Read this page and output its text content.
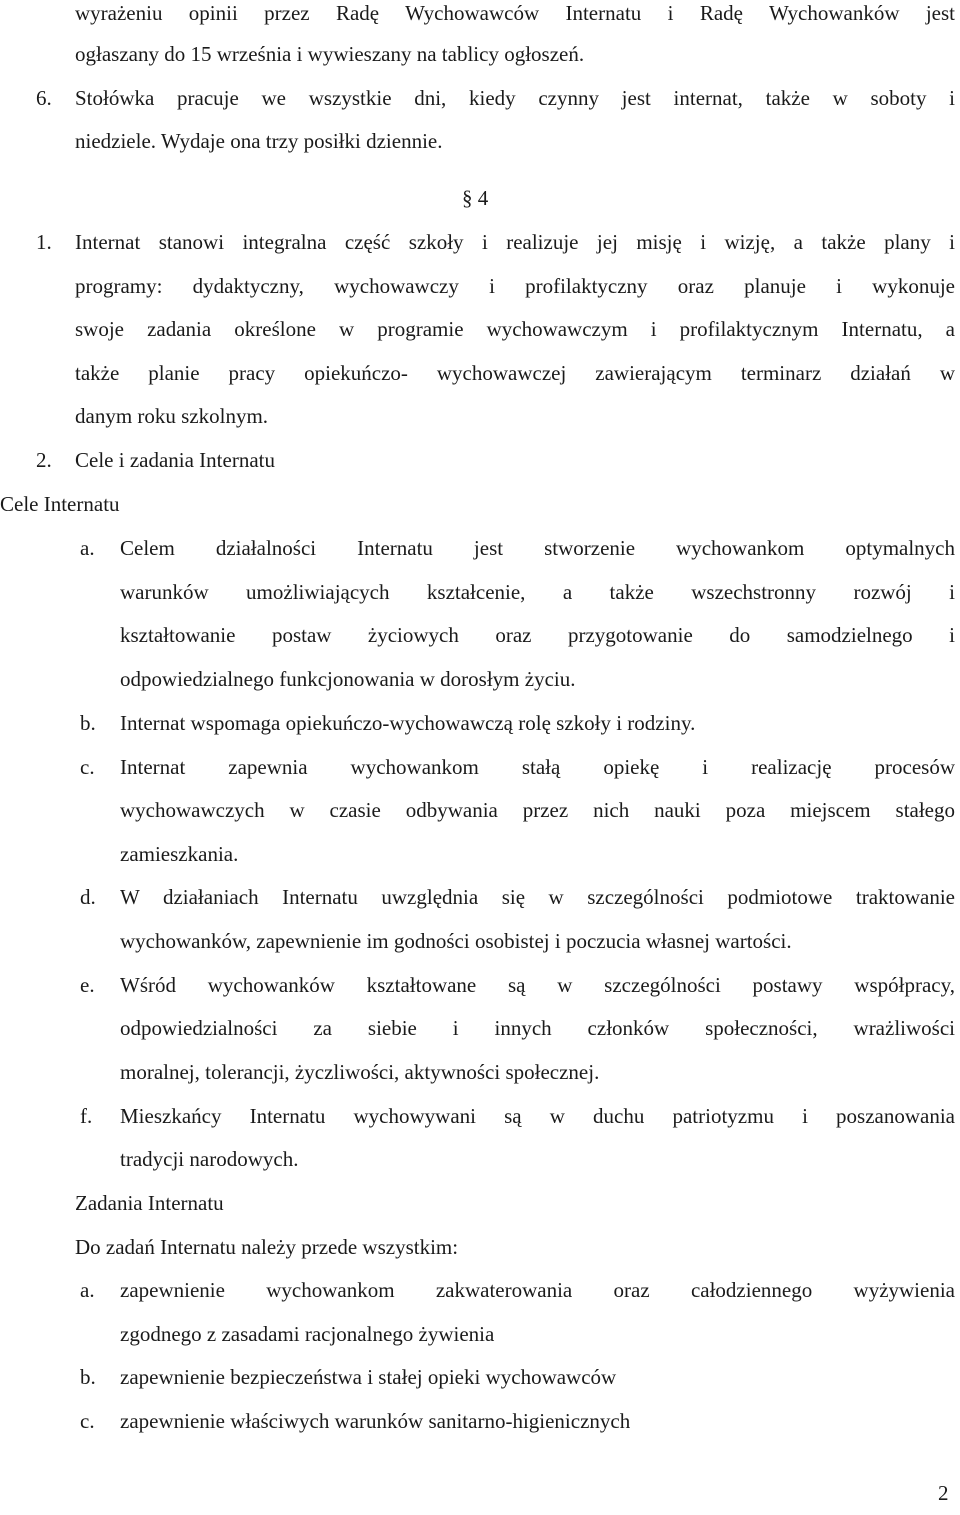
wyrażeniu opinii przez Radę Wychowawców Internatu i Radę Wychowanków jest
ogłaszany do 15 września i wywieszany na tablicy ogłoszeń.
6. Stołówka pracuje we wszystkie dni, kiedy czynny jest internat, także w soboty i
niedziele. Wydaje ona trzy posiłki dziennie.
§ 4
1. Internat stanowi integralna część szkoły i realizuje jej misję i wizję, a także plany i
programy: dydaktyczny, wychowawczy i profilaktyczny oraz planuje i wykonuje
swoje zadania określone w programie wychowawczym i profilaktycznym Internatu, a
także planie pracy opiekuńczo- wychowawczej zawierającym terminarz działań w
danym roku szkolnym.
2. Cele i zadania Internatu
Cele Internatu
a. Celem działalności Internatu jest stworzenie wychowankom optymalnych
warunków umożliwiających kształcenie, a także wszechstronny rozwój i
kształtowanie postaw życiowych oraz przygotowanie do samodzielnego i
odpowiedzialnego funkcjonowania w dorosłym życiu.
b. Internat wspomaga opiekuńczo-wychowawczą rolę szkoły i rodziny.
c. Internat zapewnia wychowankom stałą opiekę i realizację procesów
wychowawczych w czasie odbywania przez nich nauki poza miejscem stałego
zamieszkania.
d. W działaniach Internatu uwzględnia się w szczególności podmiotowe traktowanie
wychowanków, zapewnienie im godności osobistej i poczucia własnej wartości.
e. Wśród wychowanków kształtowane są w szczególności postawy współpracy,
odpowiedzialności za siebie i innych członków społeczności, wrażliwości
moralnej, tolerancji, życzliwości, aktywności społecznej.
f. Mieszkańcy Internatu wychowywani są w duchu patriotyzmu i poszanowania
tradycji narodowych.
Zadania Internatu
Do zadań Internatu należy przede wszystkim:
a. zapewnienie wychowankom zakwaterowania oraz całodziennego wyżywienia
zgodnego z zasadami racjonalnego żywienia
b. zapewnienie bezpieczeństwa i stałej opieki wychowawców
c. zapewnienie właściwych warunków sanitarno-higienicznych
2
